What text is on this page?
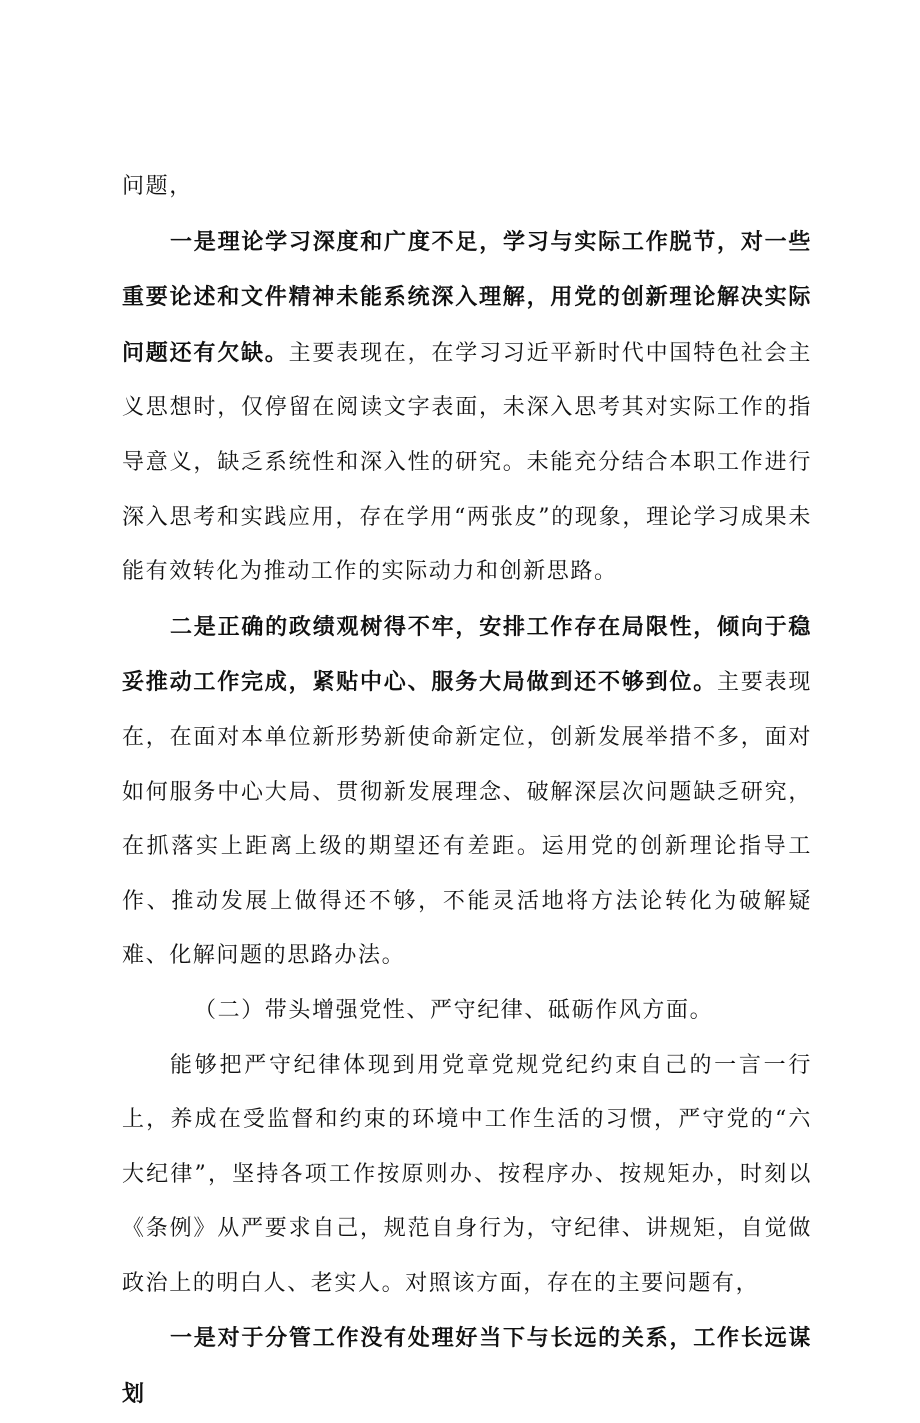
问题，

一是理论学习深度和广度不足，学习与实际工作脱节，对一些重要论述和文件精神未能系统深入理解，用党的创新理论解决实际问题还有欠缺。主要表现在，在学习习近平新时代中国特色社会主义思想时，仅停留在阅读文字表面，未深入思考其对实际工作的指导意义，缺乏系统性和深入性的研究。未能充分结合本职工作进行深入思考和实践应用，存在学用“两张皮”的现象，理论学习成果未能有效转化为推动工作的实际动力和创新思路。

二是正确的政绩观树得不牢，安排工作存在局限性，倾向于稳妥推动工作完成，紧贴中心、服务大局做到还不够到位。主要表现在，在面对本单位新形势新使命新定位，创新发展举措不多，面对如何服务中心大局、贯彻新发展理念、破解深层次问题缺乏研究，在抓落实上距离上级的期望还有差距。运用党的创新理论指导工作、推动发展上做得还不够，不能灵活地将方法论转化为破解疑难、化解问题的思路办法。

（二）带头增强党性、严守纪律、砥砺作风方面。

能够把严守纪律体现到用党章党规党纪约束自己的一言一行上，养成在受监督和约束的环境中工作生活的习惯，严守党的“六大纪律”，坚持各项工作按原则办、按程序办、按规矩办，时刻以《条例》从严要求自己，规范自身行为，守纪律、讲规矩，自觉做政治上的明白人、老实人。对照该方面，存在的主要问题有，

一是对于分管工作没有处理好当下与长远的关系，工作长远谋划
